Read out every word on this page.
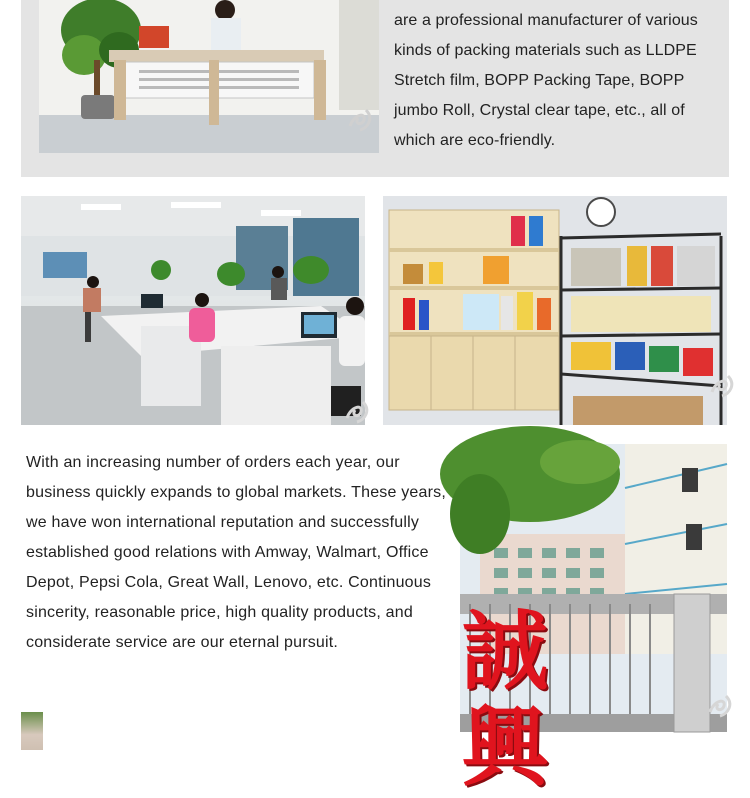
are a professional manufacturer of various kinds of packing materials such as LLDPE Stretch film, BOPP Packing Tape, BOPP jumbo Roll, Crystal clear tape, etc., all of which are eco-friendly.
With an increasing number of orders each year, our business quickly expands to global markets. These years, we have won international reputation and successfully established good relations with Amway, Walmart, Office Depot, Pepsi Cola, Great Wall, Lenovo, etc. Continuous sincerity, reasonable price, high quality products, and considerate service are our eternal pursuit.	誠興
